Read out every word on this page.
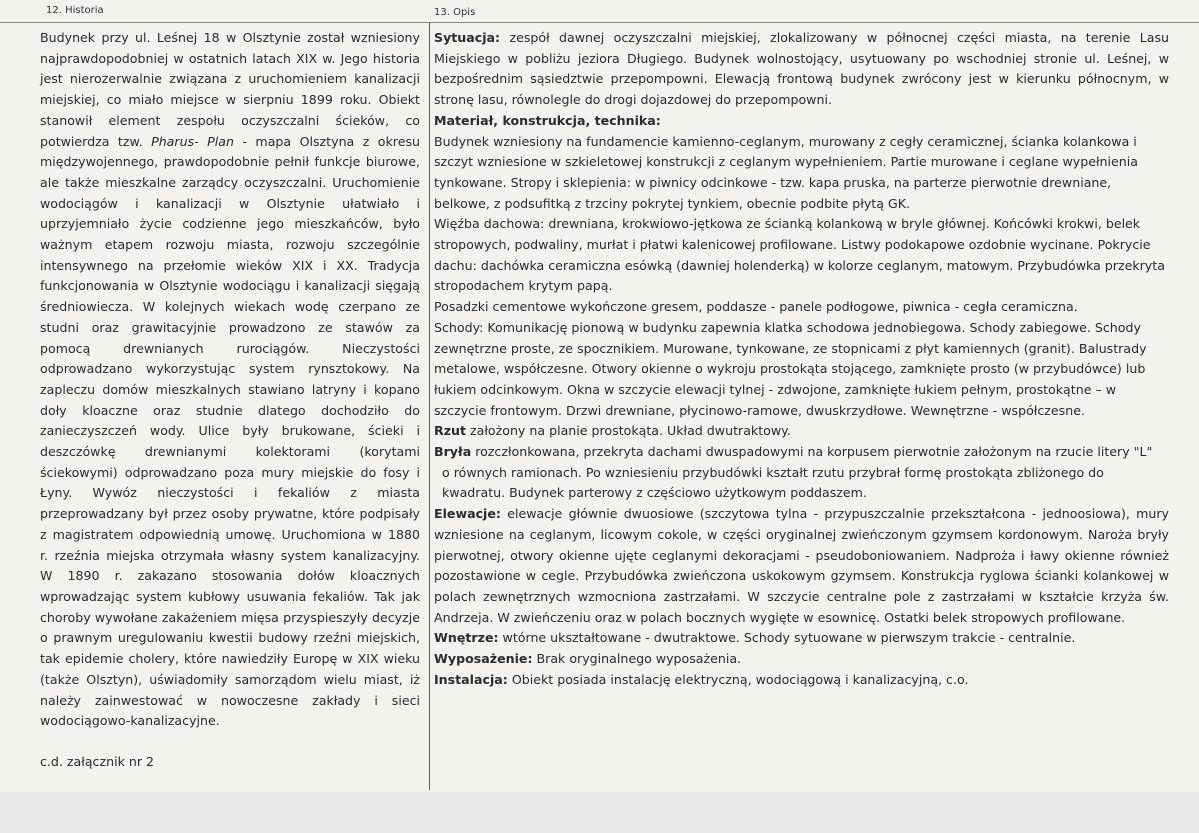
12. Historia	13. Opis
Budynek przy ul. Leśnej 18 w Olsztynie został wzniesiony najprawdopodobniej w ostatnich latach XIX w. Jego historia jest nierozerwalnie związana z uruchomieniem kanalizacji miejskiej, co miało miejsce w sierpniu 1899 roku. Obiekt stanowił element zespołu oczyszczalni ścieków, co potwierdza tzw. Pharus- Plan - mapa Olsztyna z okresu międzywojennego, prawdopodobnie pełnił funkcje biurowe, ale także mieszkalne zarządcy oczyszczalni. Uruchomienie wodociągów i kanalizacji w Olsztynie ułatwiało i uprzyjemniało życie codzienne jego mieszkańców, było ważnym etapem rozwoju miasta, rozwoju szczególnie intensywnego na przełomie wieków XIX i XX. Tradycja funkcjonowania w Olsztynie wodociągu i kanalizacji sięgają średniowiecza. W kolejnych wiekach wodę czerpano ze studni oraz grawitacyjnie prowadzono ze stawów za pomocą drewnianych rurociągów. Nieczystości odprowadzano wykorzystując system rynsztokowy. Na zapleczu domów mieszkalnych stawiano latryny i kopano doły kloaczne oraz studnie dlatego dochodziło do zanieczyszczeń wody. Ulice były brukowane, ścieki i deszczówkę drewnianymi kolektorami (korytami ściekowymi) odprowadzano poza mury miejskie do fosy i Łyny. Wywóz nieczystości i fekaliów z miasta przeprowadzany był przez osoby prywatne, które podpisały z magistratem odpowiednią umowę. Uruchomiona w 1880 r. rzeźnia miejska otrzymała własny system kanalizacyjny. W 1890 r. zakazano stosowania dołów kloacznych wprowadzając system kubłowy usuwania fekaliów. Tak jak choroby wywołane zakażeniem mięsa przyspieszyły decyzje o prawnym uregulowaniu kwestii budowy rzeźni miejskich, tak epidemie cholery, które nawiedziły Europę w XIX wieku (także Olsztyn), uświadomiły samorządom wielu miast, iż należy zainwestować w nowoczesne zakłady i sieci wodociągowo-kanalizacyjne.
c.d. załącznik nr 2

Sytuacja: zespół dawnej oczyszczalni miejskiej, zlokalizowany w północnej części miasta, na terenie Lasu Miejskiego w pobliżu jeziora Długiego. Budynek wolnostojący, usytuowany po wschodniej stronie ul. Leśnej, w bezpośrednim sąsiedztwie przepompowni. Elewacją frontową budynek zwrócony jest w kierunku północnym, w stronę lasu, równolegle do drogi dojazdowej do przepompowni.

Materiał, konstrukcja, technika:

Budynek wzniesiony na fundamencie kamienno-ceglanym, murowany z cegły ceramicznej, ścianka kolankowa i szczyt wzniesione w szkieletowej konstrukcji z ceglanym wypełnieniem. Partie murowane i ceglane wypełnienia tynkowane. Stropy i sklepienia: w piwnicy odcinkowe - tzw. kapa pruska, na parterze pierwotnie drewniane, belkowe, z podsufitką z trzciny pokrytej tynkiem, obecnie podbite płytą GK.

Więźba dachowa: drewniana, krokwiowo-jętkowa ze ścianką kolankową w bryle głównej. Końcówki krokwi, belek stropowych, podwaliny, murłat i płatwi kalenicowej profilowane. Listwy podokapowe ozdobnie wycinane. Pokrycie dachu: dachówka ceramiczna esówką (dawniej holenderką) w kolorze ceglanym, matowym. Przybudówka przekryta stropodachem krytym papą.

Posadzki cementowe wykończone gresem, poddasze - panele podłogowe, piwnica - cegła ceramiczna.

Schody: Komunikację pionową w budynku zapewnia klatka schodowa jednobiegowa. Schody zabiegowe. Schody zewnętrzne proste, ze spocznikiem. Murowane, tynkowane, ze stopnicami z płyt kamiennych (granit). Balustrady metalowe, współczesne. Otwory okienne o wykroju prostokąta stojącego, zamknięte prosto (w przybudówce) lub łukiem odcinkowym. Okna w szczycie elewacji tylnej - zdwojone, zamknięte łukiem pełnym, prostokątne – w szczycie frontowym. Drzwi drewniane, płycinowo-ramowe, dwuskrzydłowe. Wewnętrzne - współczesne.

Rzut założony na planie prostokąta. Układ dwutraktowy.

Bryła rozczłonkowana, przekryta dachami dwuspadowymi na korpusem pierwotnie założonym na rzucie litery "L"

o równych ramionach. Po wzniesieniu przybudówki kształt rzutu przybrał formę prostokąta zbliżonego do kwadratu. Budynek parterowy z częściowo użytkowym poddaszem.

Elewacje: elewacje głównie dwuosiowe (szczytowa tylna - przypuszczalnie przekształcona - jednoosiowa), mury wzniesione na ceglanym, licowym cokole, w części oryginalnej zwieńczonym gzymsem kordonowym. Naroża bryły pierwotnej, otwory okienne ujęte ceglanymi dekoracjami - pseudoboniowaniem. Nadproża i ławy okienne również pozostawione w cegle. Przybudówka zwieńczona uskokowym gzymsem. Konstrukcja ryglowa ścianki kolankowej w polach zewnętrznych wzmocniona zastrzałami. W szczycie centralne pole z zastrzałami w kształcie krzyża św. Andrzeja. W zwieńczeniu oraz w polach bocznych wygięte w esownicę. Ostatki belek stropowych profilowane.

Wnętrze: wtórne ukształtowane - dwutraktowe. Schody sytuowane w pierwszym trakcie - centralnie.

Wyposażenie: Brak oryginalnego wyposażenia.

Instalacja: Obiekt posiada instalację elektryczną, wodociągową i kanalizacyjną, c.o.
